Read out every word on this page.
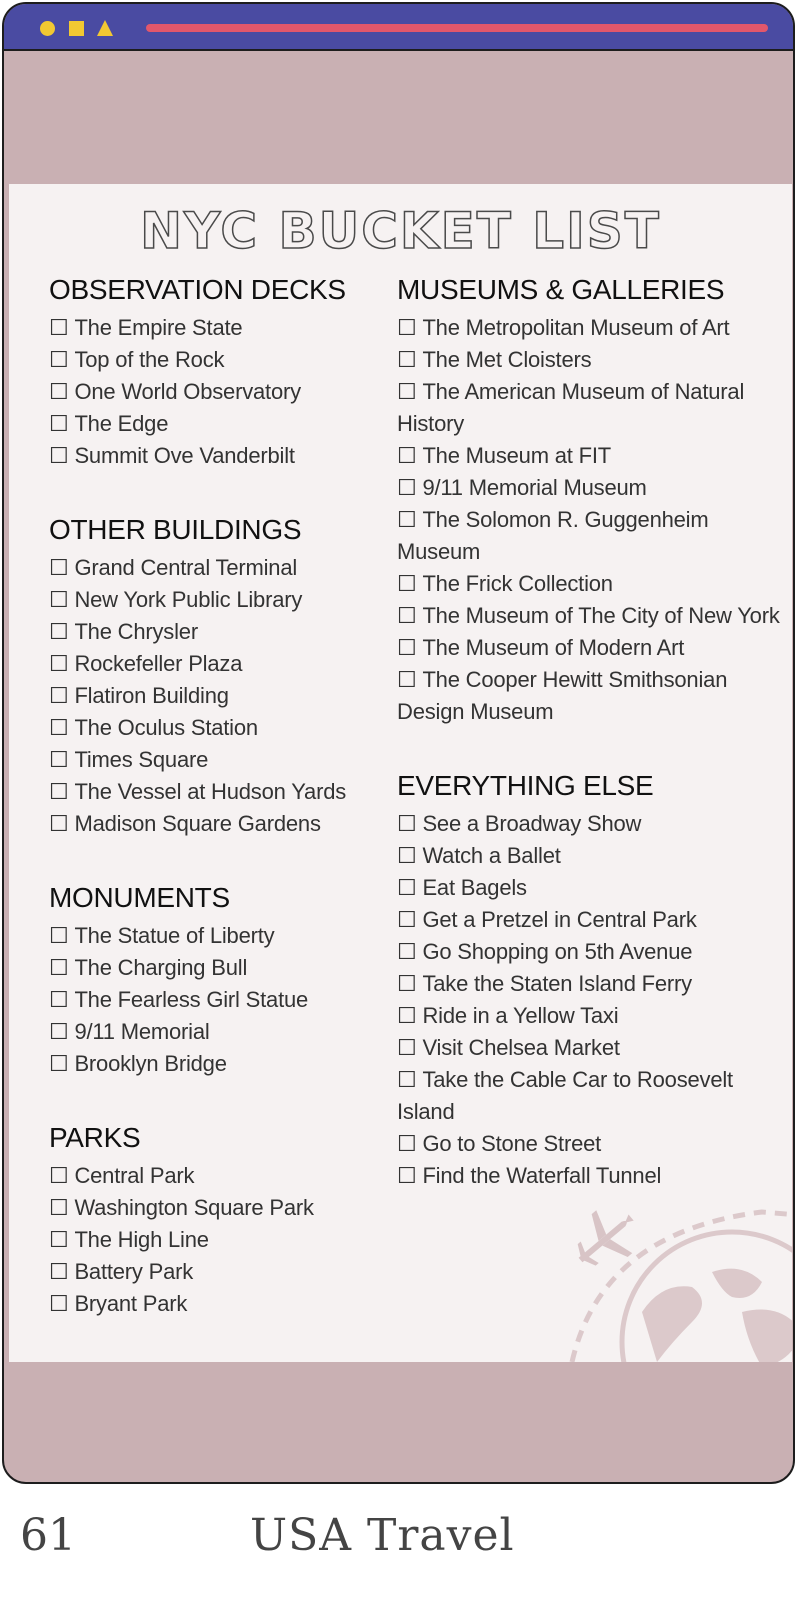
NYC BUCKET LIST
OBSERVATION DECKS
☐ The Empire State
☐ Top of the Rock
☐ One World Observatory
☐ The Edge
☐ Summit Ove Vanderbilt
OTHER BUILDINGS
☐ Grand Central Terminal
☐ New York Public Library
☐ The Chrysler
☐ Rockefeller Plaza
☐ Flatiron Building
☐ The Oculus Station
☐ Times Square
☐ The Vessel at Hudson Yards
☐ Madison Square Gardens
MONUMENTS
☐ The Statue of Liberty
☐ The Charging Bull
☐ The Fearless Girl Statue
☐ 9/11 Memorial
☐ Brooklyn Bridge
PARKS
☐ Central Park
☐ Washington Square Park
☐ The High Line
☐ Battery Park
☐ Bryant Park
MUSEUMS & GALLERIES
☐ The Metropolitan Museum of Art
☐ The Met Cloisters
☐ The American Museum of Natural History
☐ The Museum at FIT
☐ 9/11 Memorial Museum
☐ The Solomon R. Guggenheim Museum
☐ The Frick Collection
☐ The Museum of The City of New York
☐ The Museum of Modern Art
☐ The Cooper Hewitt Smithsonian Design Museum
EVERYTHING ELSE
☐ See a Broadway Show
☐ Watch a Ballet
☐ Eat Bagels
☐ Get a Pretzel in Central Park
☐ Go Shopping on 5th Avenue
☐ Take the Staten Island Ferry
☐ Ride in a Yellow Taxi
☐ Visit Chelsea Market
☐ Take the Cable Car to Roosevelt Island
☐ Go to Stone Street
☐ Find the Waterfall Tunnel
61	USA Travel
